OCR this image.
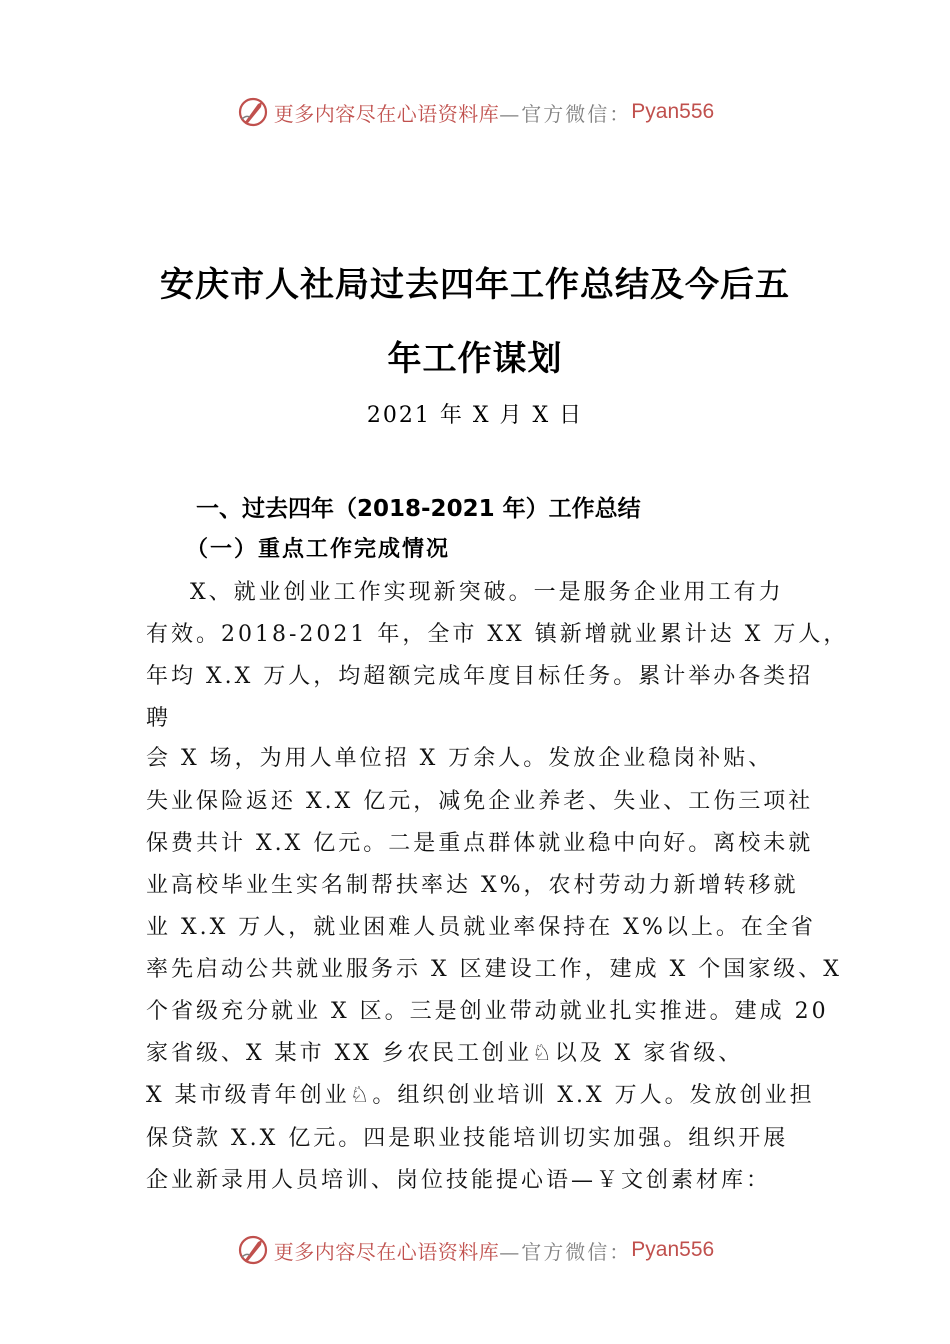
更多内容尽在心语资料库 —官方微信： Pyan556
安庆市人社局过去四年工作总结及今后五
年工作谋划
2021 年 X 月 X 日
一、过去四年（2018-2021 年）工作总结
（一）重点工作完成情况
X、就业创业工作实现新突破。一是服务企业用工有力
有效。2018-2021 年，全市 XX 镇新增就业累计达 X 万人，
年均 X.X 万人，均超额完成年度目标任务。累计举办各类招
聘
会 X 场，为用人单位招 X 万余人。发放企业稳岗补贴、
失业保险返还 X.X 亿元，减免企业养老、失业、工伤三项社
保费共计 X.X 亿元。二是重点群体就业稳中向好。离校未就
业高校毕业生实名制帮扶率达 X%，农村劳动力新增转移就
业 X.X 万人，就业困难人员就业率保持在 X%以上。在全省
率先启动公共就业服务示 X 区建设工作，建成 X 个国家级、X
个省级充分就业 X 区。三是创业带动就业扎实推进。建成 20
家省级、X 某市 XX 乡农民工创业♘以及 X 家省级、
X 某市级青年创业♘。组织创业培训 X.X 万人。发放创业担
保贷款 X.X 亿元。四是职业技能培训切实加强。组织开展
企业新录用人员培训、岗位技能提心语—￥文创素材库：
更多内容尽在心语资料库 —官方微信： Pyan556
